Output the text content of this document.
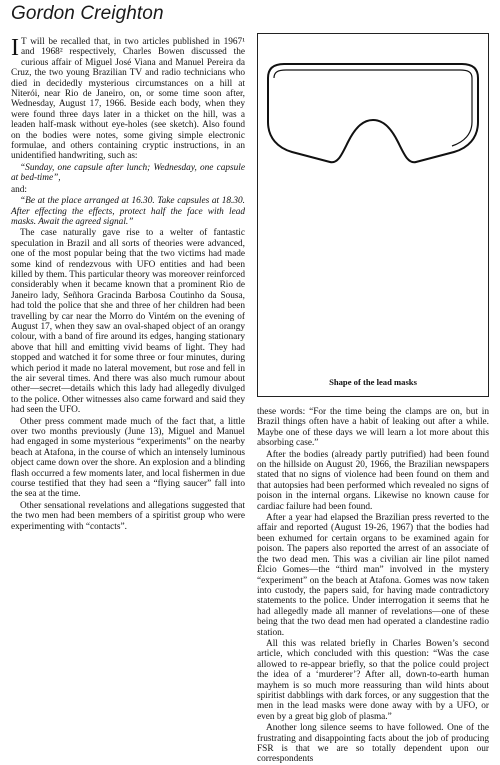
Gordon Creighton

I T will be recalled that, in two articles published in 1967¹ and 1968² respectively, Charles Bowen discussed the curious affair of Miguel José Viana and Manuel Pereira da Cruz, the two young Brazilian TV and radio technicians who died in decidedly mysterious circumstances on a hill at Niterói, near Rio de Janeiro, on, or some time soon after, Wednesday, August 17, 1966. Beside each body, when they were found three days later in a thicket on the hill, was a leaden half-mask without eye-holes (see sketch). Also found on the bodies were notes, some giving simple electronic formulae, and others containing cryptic instructions, in an unidentified handwriting, such as:

“Sunday, one capsule after lunch; Wednesday, one capsule at bed-time”,

and:

“Be at the place arranged at 16.30. Take capsules at 18.30. After effecting the effects, protect half the face with lead masks. Await the agreed signal.”

The case naturally gave rise to a welter of fantastic speculation in Brazil and all sorts of theories were advanced, one of the most popular being that the two victims had made some kind of rendezvous with UFO entities and had been killed by them. This particular theory was moreover reinforced considerably when it became known that a prominent Rio de Janeiro lady, Señhora Gracinda Barbosa Coutinho da Sousa, had told the police that she and three of her children had been travelling by car near the Morro do Vintém on the evening of August 17, when they saw an oval-shaped object of an orangy colour, with a band of fire around its edges, hanging stationary above that hill and emitting vivid beams of light. They had stopped and watched it for some three or four minutes, during which period it made no lateral movement, but rose and fell in the air several times. And there was also much rumour about other—secret—details which this lady had allegedly divulged to the police. Other witnesses also came forward and said they had seen the UFO.

Other press comment made much of the fact that, a little over two months previously (June 13), Miguel and Manuel had engaged in some mysterious “experiments” on the nearby beach at Atafona, in the course of which an intensely luminous object came down over the shore. An explosion and a blinding flash occurred a few moments later, and local fishermen in due course testified that they had seen a “flying saucer” fall into the sea at the time.

Other sensational revelations and allegations suggested that the two men had been members of a spiritist group who were experimenting with “contacts”.

Shape of the lead masks

these words: “For the time being the clamps are on, but in Brazil things often have a habit of leaking out after a while. Maybe one of these days we will learn a lot more about this absorbing case.”

After the bodies (already partly putrified) had been found on the hillside on August 20, 1966, the Brazilian newspapers stated that no signs of violence had been found on them and that autopsies had been performed which revealed no signs of poison in the internal organs. Likewise no known cause for cardiac failure had been found.

After a year had elapsed the Brazilian press reverted to the affair and reported (August 19-26, 1967) that the bodies had been exhumed for certain organs to be examined again for poison. The papers also reported the arrest of an associate of the two dead men. This was a civilian air line pilot named Élcio Gomes—the “third man” involved in the mystery “experiment” on the beach at Atafona. Gomes was now taken into custody, the papers said, for having made contradictory statements to the police. Under interrogation it seems that he had allegedly made all manner of revelations—one of these being that the two dead men had operated a clandestine radio station.

All this was related briefly in Charles Bowen’s second article, which concluded with this question: “Was the case allowed to re-appear briefly, so that the police could project the idea of a ‘murderer’? After all, down-to-earth human mayhem is so much more reassuring than wild hints about spiritist dabblings with dark forces, or any suggestion that the men in the lead masks were done away with by a UFO, or even by a great big glob of plasma.”

Another long silence seems to have followed. One of the frustrating and disappointing facts about the job of producing FSR is that we are so totally dependent upon our correspondents
